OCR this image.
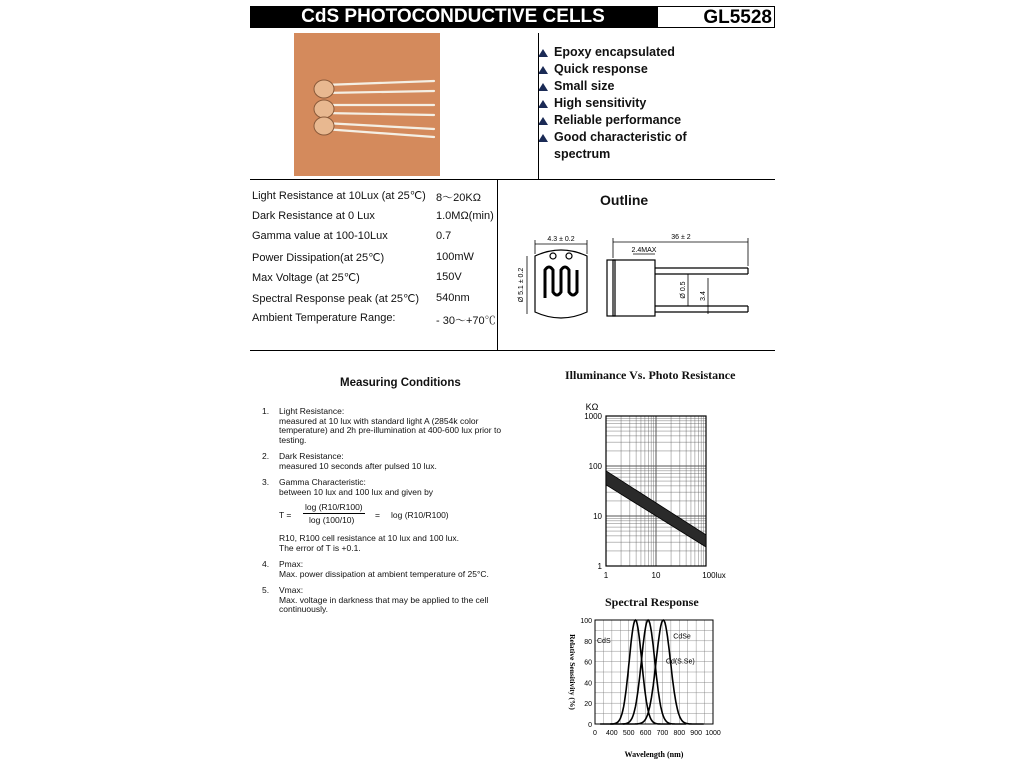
CdS PHOTOCONDUCTIVE CELLS	GL5528
Epoxy encapsulated
Quick response
Small size
High sensitivity
Reliable performance
Good characteristic of
spectrum
Light Resistance at 10Lux (at 25℃) 8～20KΩ
Dark Resistance at 0 Lux	1.0MΩ(min)
Gamma value at 100-10Lux	0.7
Power Dissipation(at 25℃)	100mW
Max Voltage (at 25℃)	150V
Spectral Response peak (at 25℃)	540nm
Ambient Temperature Range:	- 30～+70℃
Outline
4.3 ± 0.2	36 ± 2
2.4MAX
Ø 5.1 ± 0.2	Ø 0.5 3.4
Measuring Conditions
1. Light Resistance:
measured at 10 lux with standard light A (2854k color temperature) and 2h pre-illumination at 400-600 lux prior to testing.
2. Dark Resistance:
measured 10 seconds after pulsed 10 lux.
3. Gamma Characteristic:
between 10 lux and 100 lux and given by
T =
log (R10/R100)
log (100/10) = log (R10/R100)
R10, R100 cell resistance at 10 lux and 100 lux.
The error of T is +0.1.
4. Pmax:
Max. power dissipation at ambient temperature of 25°C.
5. Vmax:
Max. voltage in darkness that may be applied to the cell continuously.
Illuminance Vs. Photo Resistance
1
10
100
1000
1	10	100lux
KΩ
Spectral Response
CdS
CdSe
Cd(S.Se)
0
20
40
60
80
100
0 400 500 600 700 800 900 1000
Wavelength (nm)
Relative Sensitivity (%)
